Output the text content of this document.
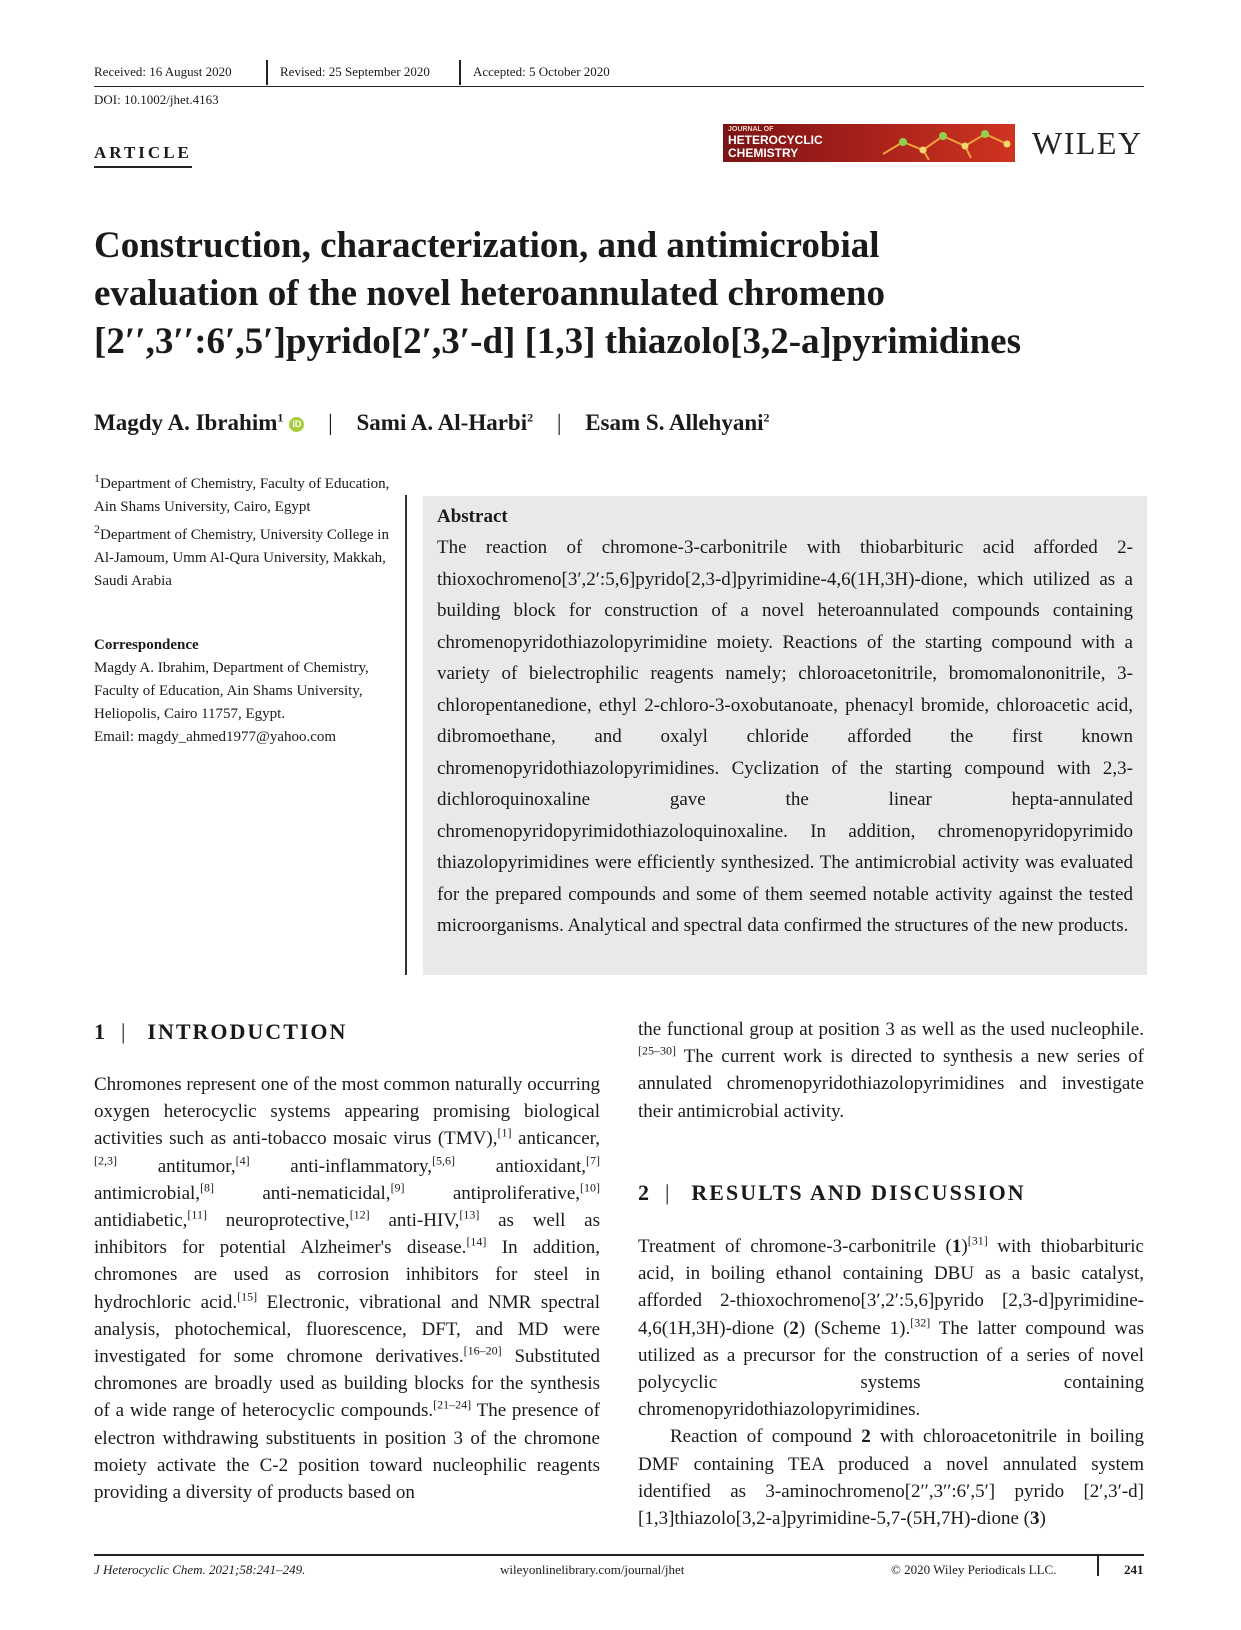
Received: 16 August 2020	Revised: 25 September 2020	Accepted: 5 October 2020
DOI: 10.1002/jhet.4163
ARTICLE
JOURNAL OF
HETEROCYCLIC CHEMISTRY	WILEY
Construction, characterization, and antimicrobial
evaluation of the novel heteroannulated chromeno
[2′′,3′′:6′,5′]pyrido[2′,3′-d] [1,3] thiazolo[3,2-a]pyrimidines
Magdy A. Ibrahim$^1$ iD | Sami A. Al-Harbi$^2$ | Esam S. Allehyani$^2$

$^1$Department of Chemistry, Faculty of Education, Ain Shams University, Cairo, Egypt

$^2$Department of Chemistry, University College in Al-Jamoum, Umm Al-Qura University, Makkah, Saudi Arabia

Correspondence

Magdy A. Ibrahim, Department of Chemistry, Faculty of Education, Ain Shams University, Heliopolis, Cairo 11757, Egypt.

Email: magdy_ahmed1977@yahoo.com

Abstract
The reaction of chromone-3-carbonitrile with thiobarbituric acid afforded 2-thioxochromeno[3′,2′:5,6]pyrido[2,3-d]pyrimidine-4,6(1H,3H)-dione, which utilized as a building block for construction of a novel heteroannulated compounds containing chromenopyridothiazolopyrimidine moiety. Reactions of the starting compound with a variety of bielectrophilic reagents namely; chloroacetonitrile, bromomalononitrile, 3-chloropentanedione, ethyl 2-chloro-3-oxobutanoate, phenacyl bromide, chloroacetic acid, dibromoethane, and oxalyl chloride afforded the first known chromenopyridothiazolopyrimidines. Cyclization of the starting compound with 2,3-dichloroquinoxaline gave the linear hepta-annulated chromenopyridopyrimidothiazoloquinoxaline. In addition, chromenopyridopyrimido thiazolopyrimidines were efficiently synthesized. The antimicrobial activity was evaluated for the prepared compounds and some of them seemed notable activity against the tested microorganisms. Analytical and spectral data confirmed the structures of the new products.
1 | INTRODUCTION

Chromones represent one of the most common naturally occurring oxygen heterocyclic systems appearing promising biological activities such as anti-tobacco mosaic virus (TMV),[1] anticancer,[2,3] antitumor,[4] anti-inflammatory,[5,6] antioxidant,[7] antimicrobial,[8] anti-nematicidal,[9] antiproliferative,[10] antidiabetic,[11] neuroprotective,[12] anti-HIV,[13] as well as inhibitors for potential Alzheimer's disease.[14] In addition, chromones are used as corrosion inhibitors for steel in hydrochloric acid.[15] Electronic, vibrational and NMR spectral analysis, photochemical, fluorescence, DFT, and MD were investigated for some chromone derivatives.[16–20] Substituted chromones are broadly used as building blocks for the synthesis of a wide range of heterocyclic compounds.[21–24] The presence of electron withdrawing substituents in position 3 of the chromone moiety activate the C-2 position toward nucleophilic reagents providing a diversity of products based on

the functional group at position 3 as well as the used nucleophile.[25–30] The current work is directed to synthesis a new series of annulated chromenopyridothiazolopyrimidines and investigate their antimicrobial activity.

2 | RESULTS AND DISCUSSION

Treatment of chromone-3-carbonitrile (1)[31] with thiobarbituric acid, in boiling ethanol containing DBU as a basic catalyst, afforded 2-thioxochromeno[3′,2′:5,6]pyrido [2,3-d]pyrimidine-4,6(1H,3H)-dione (2) (Scheme 1).[32] The latter compound was utilized as a precursor for the construction of a series of novel polycyclic systems containing chromenopyridothiazolopyrimidines.

Reaction of compound 2 with chloroacetonitrile in boiling DMF containing TEA produced a novel annulated system identified as 3-aminochromeno[2′′,3′′:6′,5′] pyrido [2′,3′-d][1,3]thiazolo[3,2-a]pyrimidine-5,7-(5H,7H)-dione (3)

J Heterocyclic Chem. 2021;58:241–249.	wileyonlinelibrary.com/journal/jhet	© 2020 Wiley Periodicals LLC.	241
